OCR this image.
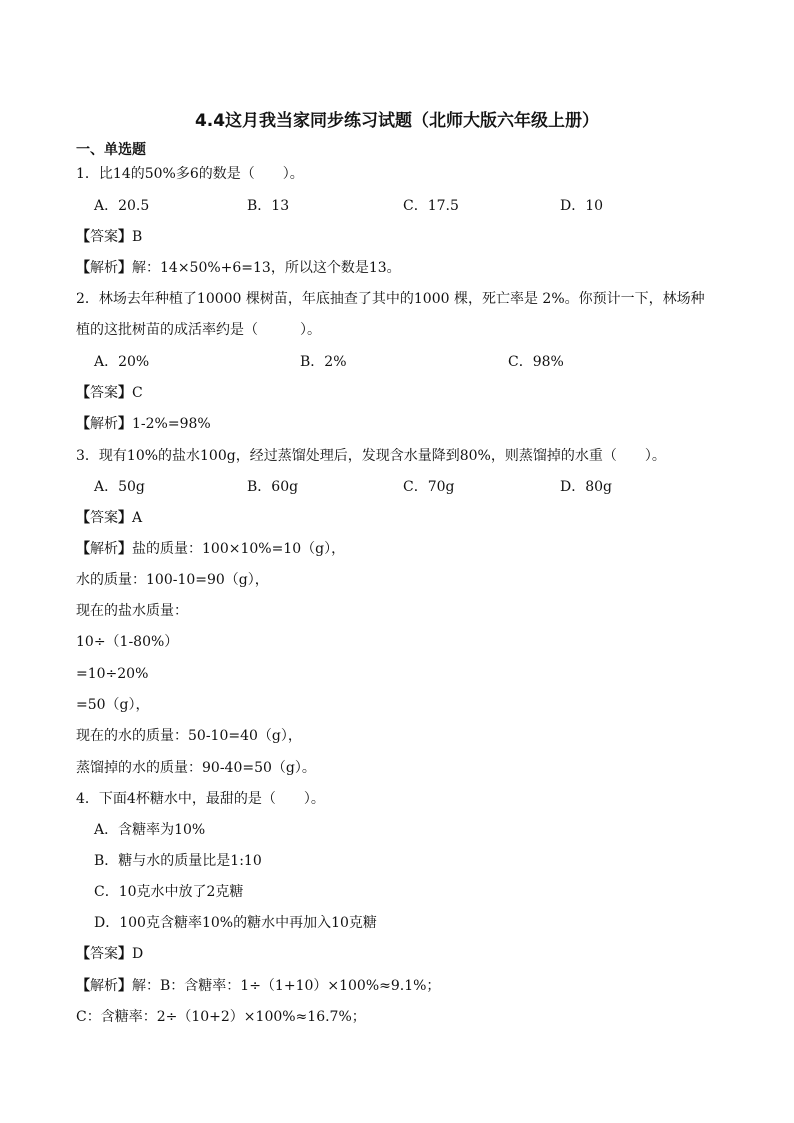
4.4这月我当家同步练习试题（北师大版六年级上册）
一、单选题
1．比14的50%多6的数是（　　）。
A．20.5	B．13	C．17.5	D．10
【答案】B
【解析】解：14×50%+6=13，所以这个数是13。
2．林场去年种植了10000 棵树苗，年底抽查了其中的1000 棵，死亡率是 2%。你预计一下，林场种
植的这批树苗的成活率约是（　　　）。
A．20%	B．2%	C．98%
【答案】C
【解析】1-2%=98%
3．现有10%的盐水100g，经过蒸馏处理后，发现含水量降到80%，则蒸馏掉的水重（　　）。
A．50g	B．60g	C．70g	D．80g
【答案】A
【解析】盐的质量：100×10%=10（g），
水的质量：100-10=90（g），
现在的盐水质量：
10÷（1-80%）
=10÷20%
=50（g），
现在的水的质量：50-10=40（g），
蒸馏掉的水的质量：90-40=50（g）。
4．下面4杯糖水中，最甜的是（　　）。
A．含糖率为10%
B．糖与水的质量比是1:10
C．10克水中放了2克糖
D．100克含糖率10%的糖水中再加入10克糖
【答案】D
【解析】解：B：含糖率：1÷（1+10）×100%≈9.1%；
C：含糖率：2÷（10+2）×100%≈16.7%；
